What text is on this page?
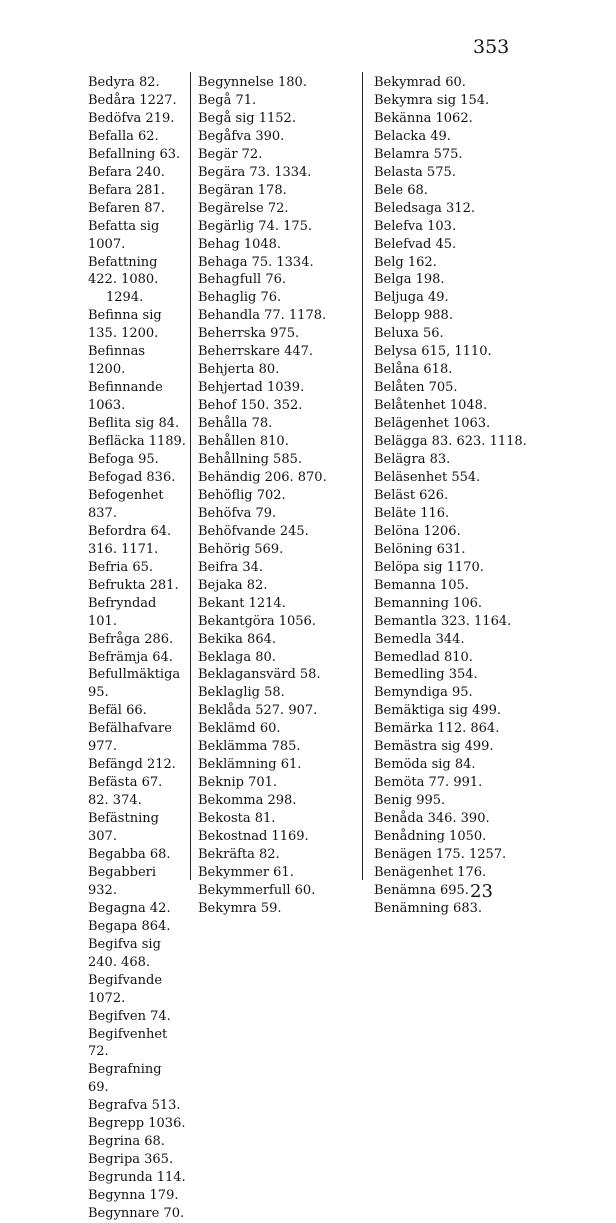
353

Bedyra 82.

Bedåra 1227.

Bedöfva 219.

Befalla 62.

Befallning 63.

Befara 240.

Befara 281.

Befaren 87.

Befatta sig 1007.

Befattning 422. 1080.

1294.

Befinna sig 135. 1200.

Befinnas 1200.

Befinnande 1063.

Beflita sig 84.

Befläcka 1189.

Befoga 95.

Befogad 836.

Befogenhet 837.

Befordra 64. 316. 1171.

Befria 65.

Befrukta 281.

Befryndad 101.

Befråga 286.

Befrämja 64.

Befullmäktiga 95.

Befäl 66.

Befälhafvare 977.

Befängd 212.

Befästa 67. 82. 374.

Befästning 307.

Begabba 68.

Begabberi 932.

Begagna 42.

Begapa 864.

Begifva sig 240. 468.

Begifvande 1072.

Begifven 74.

Begifvenhet 72.

Begrafning 69.

Begrafva 513.

Begrepp 1036.

Begrina 68.

Begripa 365.

Begrunda 114.

Begynna 179.

Begynnare 70.

Begynnelse 180.

Begå 71.

Begå sig 1152.

Begåfva 390.

Begär 72.

Begära 73. 1334.

Begäran 178.

Begärelse 72.

Begärlig 74. 175.

Behag 1048.

Behaga 75. 1334.

Behagfull 76.

Behaglig 76.

Behandla 77. 1178.

Beherrska 975.

Beherrskare 447.

Behjerta 80.

Behjertad 1039.

Behof 150. 352.

Behålla 78.

Behållen 810.

Behållning 585.

Behändig 206. 870.

Behöflig 702.

Behöfva 79.

Behöfvande 245.

Behörig 569.

Beifra 34.

Bejaka 82.

Bekant 1214.

Bekantgöra 1056.

Bekika 864.

Beklaga 80.

Beklagansvärd 58.

Beklaglig 58.

Beklåda 527. 907.

Beklämd 60.

Beklämma 785.

Beklämning 61.

Beknip 701.

Bekomma 298.

Bekosta 81.

Bekostnad 1169.

Bekräfta 82.

Bekymmer 61.

Bekymmerfull 60.

Bekymra 59.

Bekymrad 60.

Bekymra sig 154.

Bekänna 1062.

Belacka 49.

Belamra 575.

Belasta 575.

Bele 68.

Beledsaga 312.

Belefva 103.

Belefvad 45.

Belg 162.

Belga 198.

Beljuga 49.

Belopp 988.

Beluxa 56.

Belysa 615, 1110.

Belåna 618.

Belåten 705.

Belåtenhet 1048.

Belägenhet 1063.

Belägga 83. 623. 1118.

Belägra 83.

Beläsenhet 554.

Beläst 626.

Beläte 116.

Belöna 1206.

Belöning 631.

Belöpa sig 1170.

Bemanna 105.

Bemanning 106.

Bemantla 323. 1164.

Bemedla 344.

Bemedlad 810.

Bemedling 354.

Bemyndiga 95.

Bemäktiga sig 499.

Bemärka 112. 864.

Bemästra sig 499.

Bemöda sig 84.

Bemöta 77. 991.

Benig 995.

Benåda 346. 390.

Benådning 1050.

Benägen 175. 1257.

Benägenhet 176.

Benämna 695.

Benämning 683.

23
